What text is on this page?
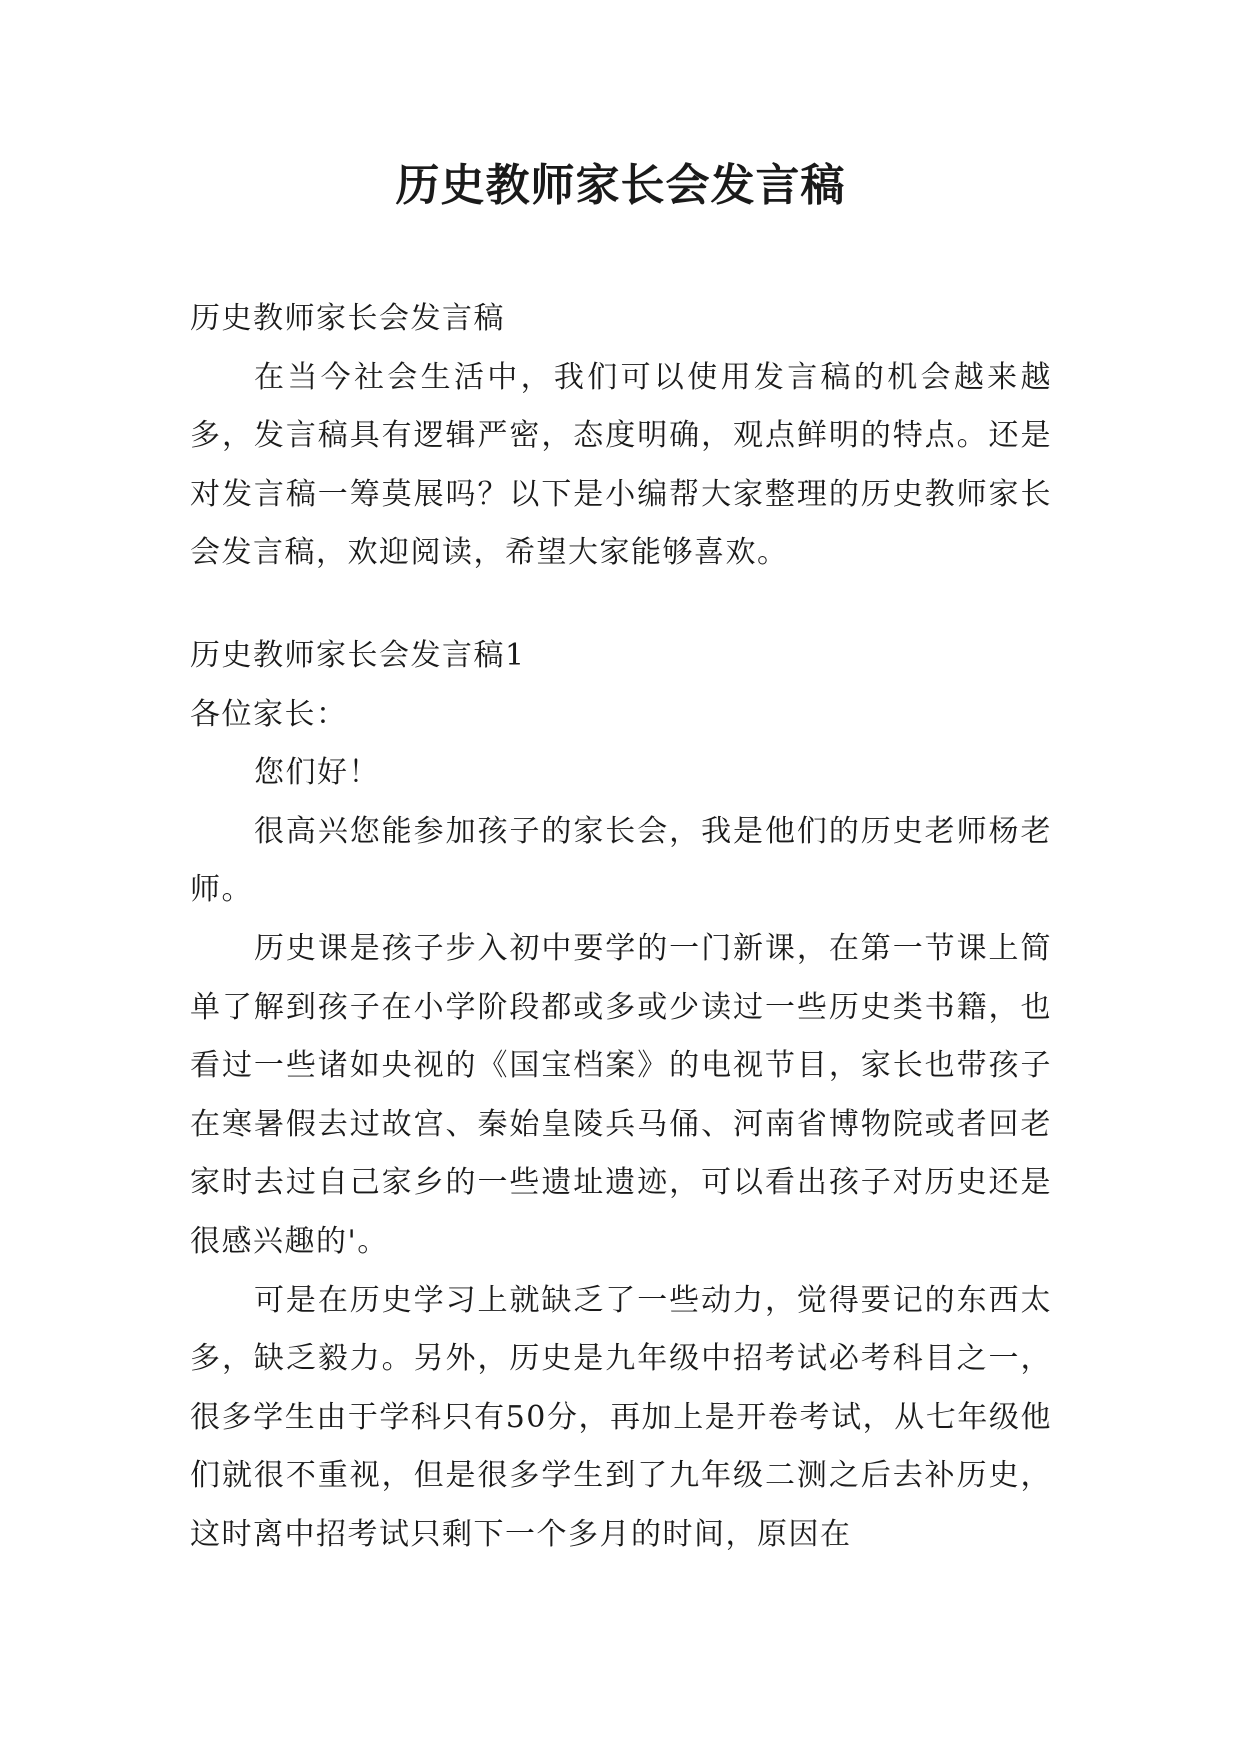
历史教师家长会发言稿

历史教师家长会发言稿

在当今社会生活中，我们可以使用发言稿的机会越来越多，发言稿具有逻辑严密，态度明确，观点鲜明的特点。还是对发言稿一筹莫展吗？以下是小编帮大家整理的历史教师家长会发言稿，欢迎阅读，希望大家能够喜欢。

历史教师家长会发言稿1

各位家长：

您们好！

很高兴您能参加孩子的家长会，我是他们的历史老师杨老师。

历史课是孩子步入初中要学的一门新课，在第一节课上简单了解到孩子在小学阶段都或多或少读过一些历史类书籍，也看过一些诸如央视的《国宝档案》的电视节目，家长也带孩子在寒暑假去过故宫、秦始皇陵兵马俑、河南省博物院或者回老家时去过自己家乡的一些遗址遗迹，可以看出孩子对历史还是很感兴趣的'。

可是在历史学习上就缺乏了一些动力，觉得要记的东西太多，缺乏毅力。另外，历史是九年级中招考试必考科目之一，很多学生由于学科只有50分，再加上是开卷考试，从七年级他们就很不重视，但是很多学生到了九年级二测之后去补历史，这时离中招考试只剩下一个多月的时间，原因在
